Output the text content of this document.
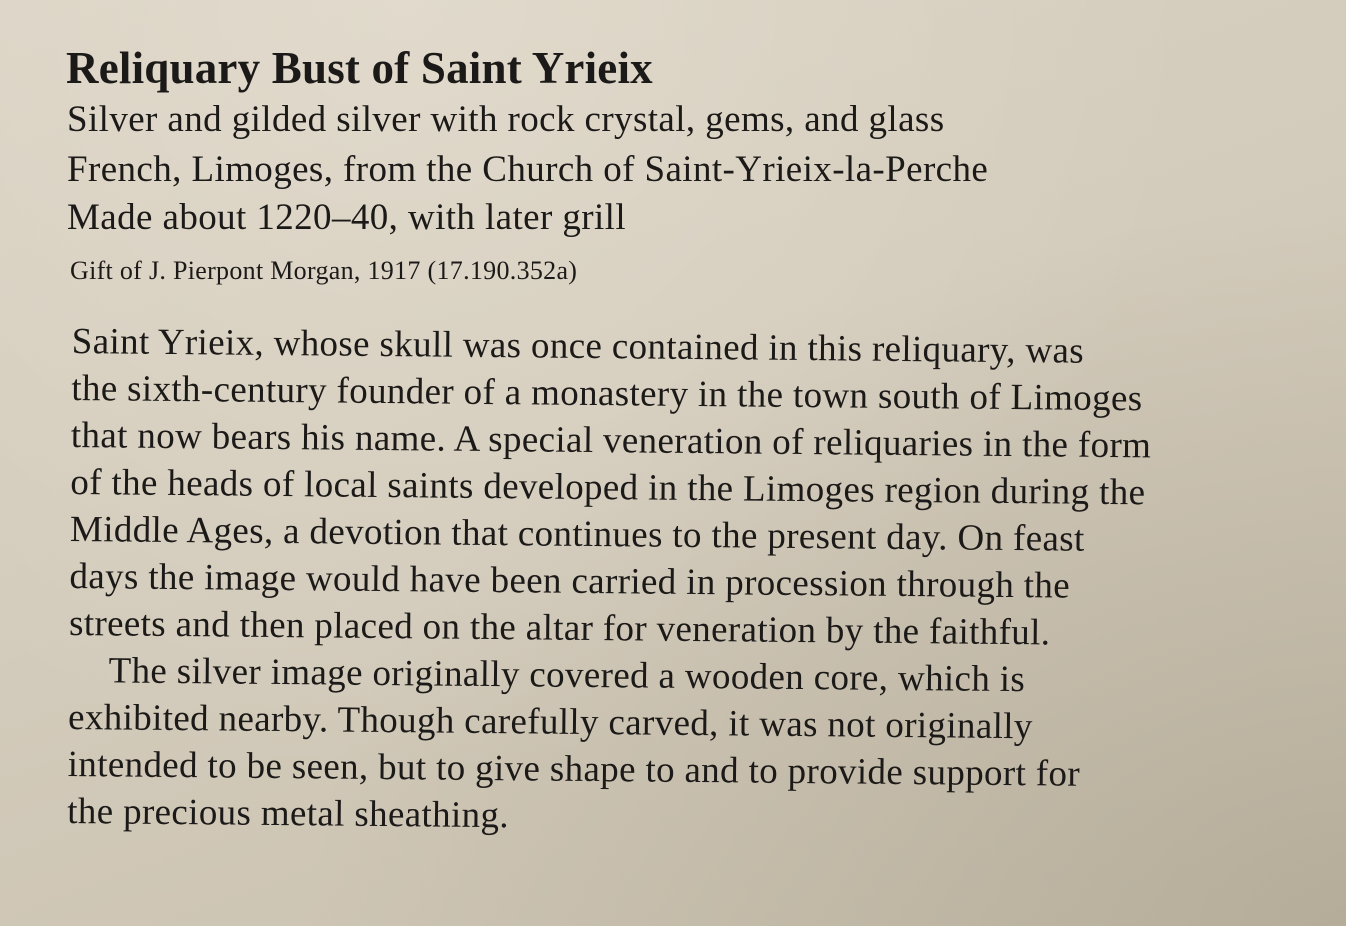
Reliquary Bust of Saint Yrieix

Silver and gilded silver with rock crystal, gems, and glass

French, Limoges, from the Church of Saint-Yrieix-la-Perche

Made about 1220–40, with later grill

Gift of J. Pierpont Morgan, 1917 (17.190.352a)

Saint Yrieix, whose skull was once contained in this reliquary, was

the sixth-century founder of a monastery in the town south of Limoges

that now bears his name. A special veneration of reliquaries in the form

of the heads of local saints developed in the Limoges region during the

Middle Ages, a devotion that continues to the present day. On feast

days the image would have been carried in procession through the

streets and then placed on the altar for veneration by the faithful.

The silver image originally covered a wooden core, which is

exhibited nearby. Though carefully carved, it was not originally

intended to be seen, but to give shape to and to provide support for

the precious metal sheathing.
